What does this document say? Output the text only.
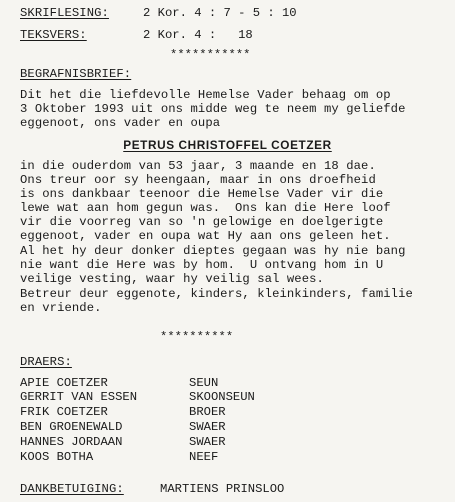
SKRIFLESING:	2 Kor. 4 : 7 - 5 : 10
TEKSVERS:	2 Kor. 4 :   18
***********
BEGRAFNISBRIEF:
Dit het die liefdevolle Hemelse Vader behaag om op
3 Oktober 1993 uit ons midde weg te neem my geliefde
eggenoot, ons vader en oupa
PETRUS CHRISTOFFEL COETZER
in die ouderdom van 53 jaar, 3 maande en 18 dae.
Ons treur oor sy heengaan, maar in ons droefheid
is ons dankbaar teenoor die Hemelse Vader vir die
lewe wat aan hom gegun was.  Ons kan die Here loof
vir die voorreg van so 'n gelowige en doelgerigte
eggenoot, vader en oupa wat Hy aan ons geleen het.
Al het hy deur donker dieptes gegaan was hy nie bang
nie want die Here was by hom.  U ontvang hom in U
veilige vesting, waar hy veilig sal wees.
Betreur deur eggenote, kinders, kleinkinders, familie
en vriende.
**********
DRAERS:
APIE COETZER	SEUN
GERRIT VAN ESSEN	SKOONSEUN
FRIK COETZER	BROER
BEN GROENEWALD	SWAER
HANNES JORDAAN	SWAER
KOOS BOTHA	NEEF
DANKBETUIGING:	MARTIENS PRINSLOO
